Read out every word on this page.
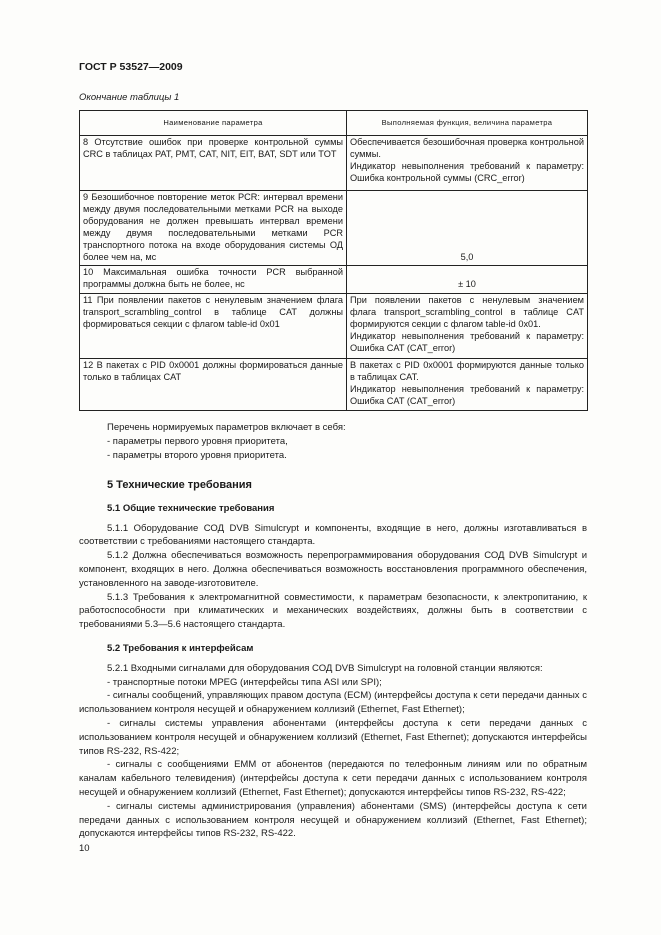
ГОСТ Р 53527—2009
Окончание таблицы 1
Наименование параметра	Выполняемая функция, величина параметра
8 Отсутствие ошибок при проверке контрольной суммы CRC в таблицах PAT, PMT, CAT, NIT, EIT, BAT, SDT или TOT	Обеспечивается безошибочная проверка контрольной суммы.
Индикатор невыполнения требований к параметру: Ошибка контрольной суммы (CRC_error)
9 Безошибочное повторение меток PCR: интервал времени между двумя последовательными метками PCR на выходе оборудования не должен превышать интервал времени между двумя последовательными метками PCR транспортного потока на входе оборудования системы ОД более чем на, мс	5,0

10 Максимальная ошибка точности PCR выбранной программы должна быть не более, нс	± 10

11 При появлении пакетов с ненулевым значением флага transport_scrambling_control в таблице CAT должны формироваться секции с флагом table-id 0x01	При появлении пакетов с ненулевым значением флага transport_scrambling_control в таблице CAT формируются секции с флагом table-id 0x01.
Индикатор невыполнения требований к параметру: Ошибка CAT (CAT_error)
12 В пакетах с PID 0x0001 должны формироваться данные только в таблицах CAT	В пакетах с PID 0x0001 формируются данные только в таблицах CAT.
Индикатор невыполнения требований к параметру: Ошибка CAT (CAT_error)

Перечень нормируемых параметров включает в себя:

- параметры первого уровня приоритета,

- параметры второго уровня приоритета.

5 Технические требования

5.1 Общие технические требования

5.1.1 Оборудование СОД DVB Simulcrypt и компоненты, входящие в него, должны изготавливаться в соответствии с требованиями настоящего стандарта.

5.1.2 Должна обеспечиваться возможность перепрограммирования оборудования СОД DVB Simulcrypt и компонент, входящих в него. Должна обеспечиваться возможность восстановления программного обеспечения, установленного на заводе-изготовителе.

5.1.3 Требования к электромагнитной совместимости, к параметрам безопасности, к электропитанию, к работоспособности при климатических и механических воздействиях, должны быть в соответствии с требованиями 5.3—5.6 настоящего стандарта.

5.2 Требования к интерфейсам

5.2.1 Входными сигналами для оборудования СОД DVB Simulcrypt на головной станции являются:

- транспортные потоки MPEG (интерфейсы типа ASI или SPI);

- сигналы сообщений, управляющих правом доступа (ECM) (интерфейсы доступа к сети передачи данных с использованием контроля несущей и обнаружением коллизий (Ethernet, Fast Ethernet);

- сигналы системы управления абонентами (интерфейсы доступа к сети передачи данных с использованием контроля несущей и обнаружением коллизий (Ethernet, Fast Ethernet); допускаются интерфейсы типов RS-232, RS-422;

- сигналы с сообщениями EMM от абонентов (передаются по телефонным линиям или по обратным каналам кабельного телевидения) (интерфейсы доступа к сети передачи данных с использованием контроля несущей и обнаружением коллизий (Ethernet, Fast Ethernet); допускаются интерфейсы типов RS-232, RS-422;

- сигналы системы администрирования (управления) абонентами (SMS) (интерфейсы доступа к сети передачи данных с использованием контроля несущей и обнаружением коллизий (Ethernet, Fast Ethernet); допускаются интерфейсы типов RS-232, RS-422.

10
